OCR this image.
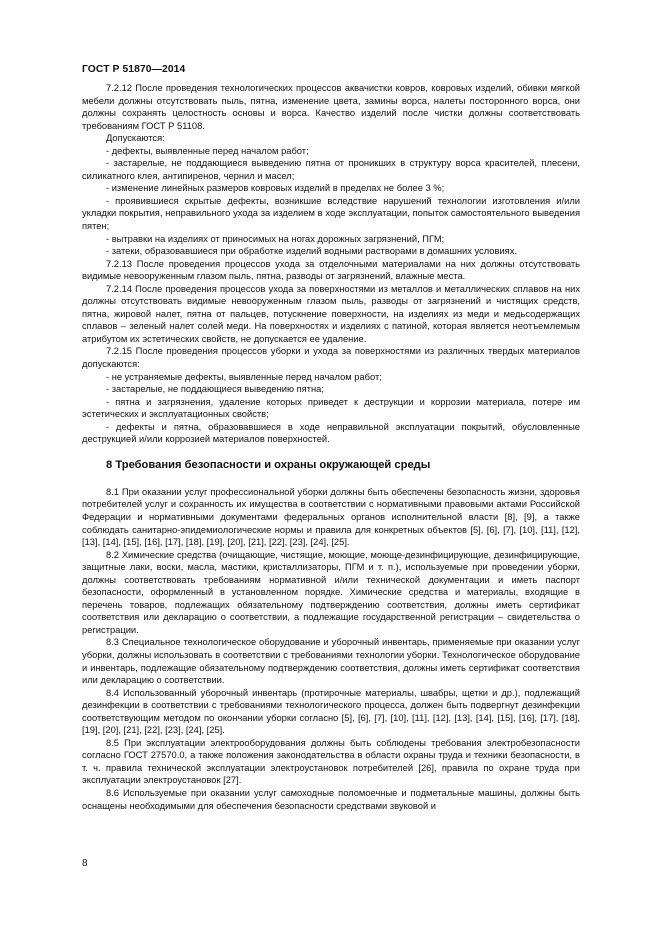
ГОСТ Р 51870—2014
7.2.12 После проведения технологических процессов аквачистки ковров, ковровых изделий, обивки мягкой мебели должны отсутствовать пыль, пятна, изменение цвета, замины ворса, налеты посторонного ворса, они должны сохранять целостность основы и ворса. Качество изделий после чистки должны соответствовать требованиям ГОСТ Р 51108.
Допускаются:
- дефекты, выявленные перед началом работ;
- застарелые, не поддающиеся выведению пятна от проникших в структуру ворса красителей, плесени, силикатного клея, антипиренов, чернил и масел;
- изменение линейных размеров ковровых изделий в пределах не более 3 %;
- проявившиеся скрытые дефекты, возникшие вследствие нарушений технологии изготовления и/или укладки покрытия, неправильного ухода за изделием в ходе эксплуатации, попыток самостоятельного выведения пятен;
- вытравки на изделиях от приносимых на ногах дорожных загрязнений, ПГМ;
- затеки, образовавшиеся при обработке изделий водными растворами в домашних условиях.
7.2.13 После проведения процессов ухода за отделочными материалами на них должны отсутствовать видимые невооруженным глазом пыль, пятна, разводы от загрязнений, влажные места.
7.2.14 После проведения процессов ухода за поверхностями из металлов и металлических сплавов на них должны отсутствовать видимые невооруженным глазом пыль, разводы от загрязнений и чистящих средств, пятна, жировой налет, пятна от пальцев, потускнение поверхности, на изделиях из меди и медьсодержащих сплавов – зеленый налет солей меди. На поверхностях и изделиях с патиной, которая является неотъемлемым атрибутом их эстетических свойств, не допускается ее удаление.
7.2.15 После проведения процессов уборки и ухода за поверхностями из различных твердых материалов допускаются:
- не устраняемые дефекты, выявленные перед началом работ;
- застарелые, не поддающиеся выведению пятна;
- пятна и загрязнения, удаление которых приведет к деструкции и коррозии материала, потере им эстетических и эксплуатационных свойств;
- дефекты и пятна, образовавшиеся в ходе неправильной эксплуатации покрытий, обусловленные деструкцией и/или коррозией материалов поверхностей.
8 Требования безопасности и охраны окружающей среды
8.1 При оказании услуг профессиональной уборки должны быть обеспечены безопасность жизни, здоровья потребителей услуг и сохранность их имущества в соответствии с нормативными правовыми актами Российской Федерации и нормативными документами федеральных органов исполнительной власти [8], [9], а также соблюдать санитарно-эпидемиологические нормы и правила для конкретных объектов [5], [6], [7], [10], [11], [12], [13], [14], [15], [16], [17], [18], [19], [20], [21], [22], [23], [24], [25].
8.2 Химические средства (очищающие, чистящие, моющие, моюще-дезинфицирующие, дезинфицирующие, защитные лаки, воски, масла, мастики, кристаллизаторы, ПГМ и т. п.), используемые при проведении уборки, должны соответствовать требованиям нормативной и/или технической документации и иметь паспорт безопасности, оформленный в установленном порядке. Химические средства и материалы, входящие в перечень товаров, подлежащих обязательному подтверждению соответствия, должны иметь сертификат соответствия или декларацию о соответствии, а подлежащие государственной регистрации – свидетельства о регистрации.
8.3 Специальное технологическое оборудование и уборочный инвентарь, применяемые при оказании услуг уборки, должны использовать в соответствии с требованиями технологии уборки. Технологическое оборудование и инвентарь, подлежащие обязательному подтверждению соответствия, должны иметь сертификат соответствия или декларацию о соответствии.
8.4 Использованный уборочный инвентарь (протирочные материалы, швабры, щетки и др.), подлежащий дезинфекции в соответствии с требованиями технологического процесса, должен быть подвергнут дезинфекции соответствующим методом по окончании уборки согласно [5], [6], [7], [10], [11], [12], [13], [14], [15], [16], [17], [18], [19], [20], [21], [22], [23], [24], [25].
8.5 При эксплуатации электрооборудования должны быть соблюдены требования электробезопасности согласно ГОСТ 27570.0, а также положения законодательства в области охраны труда и техники безопасности, в т. ч. правила технической эксплуатации электроустановок потребителей [26], правила по охране труда при эксплуатации электроустановок [27].
8.6 Используемые при оказании услуг самоходные поломоечные и подметальные машины, должны быть оснащены необходимыми для обеспечения безопасности средствами звуковой и
8
